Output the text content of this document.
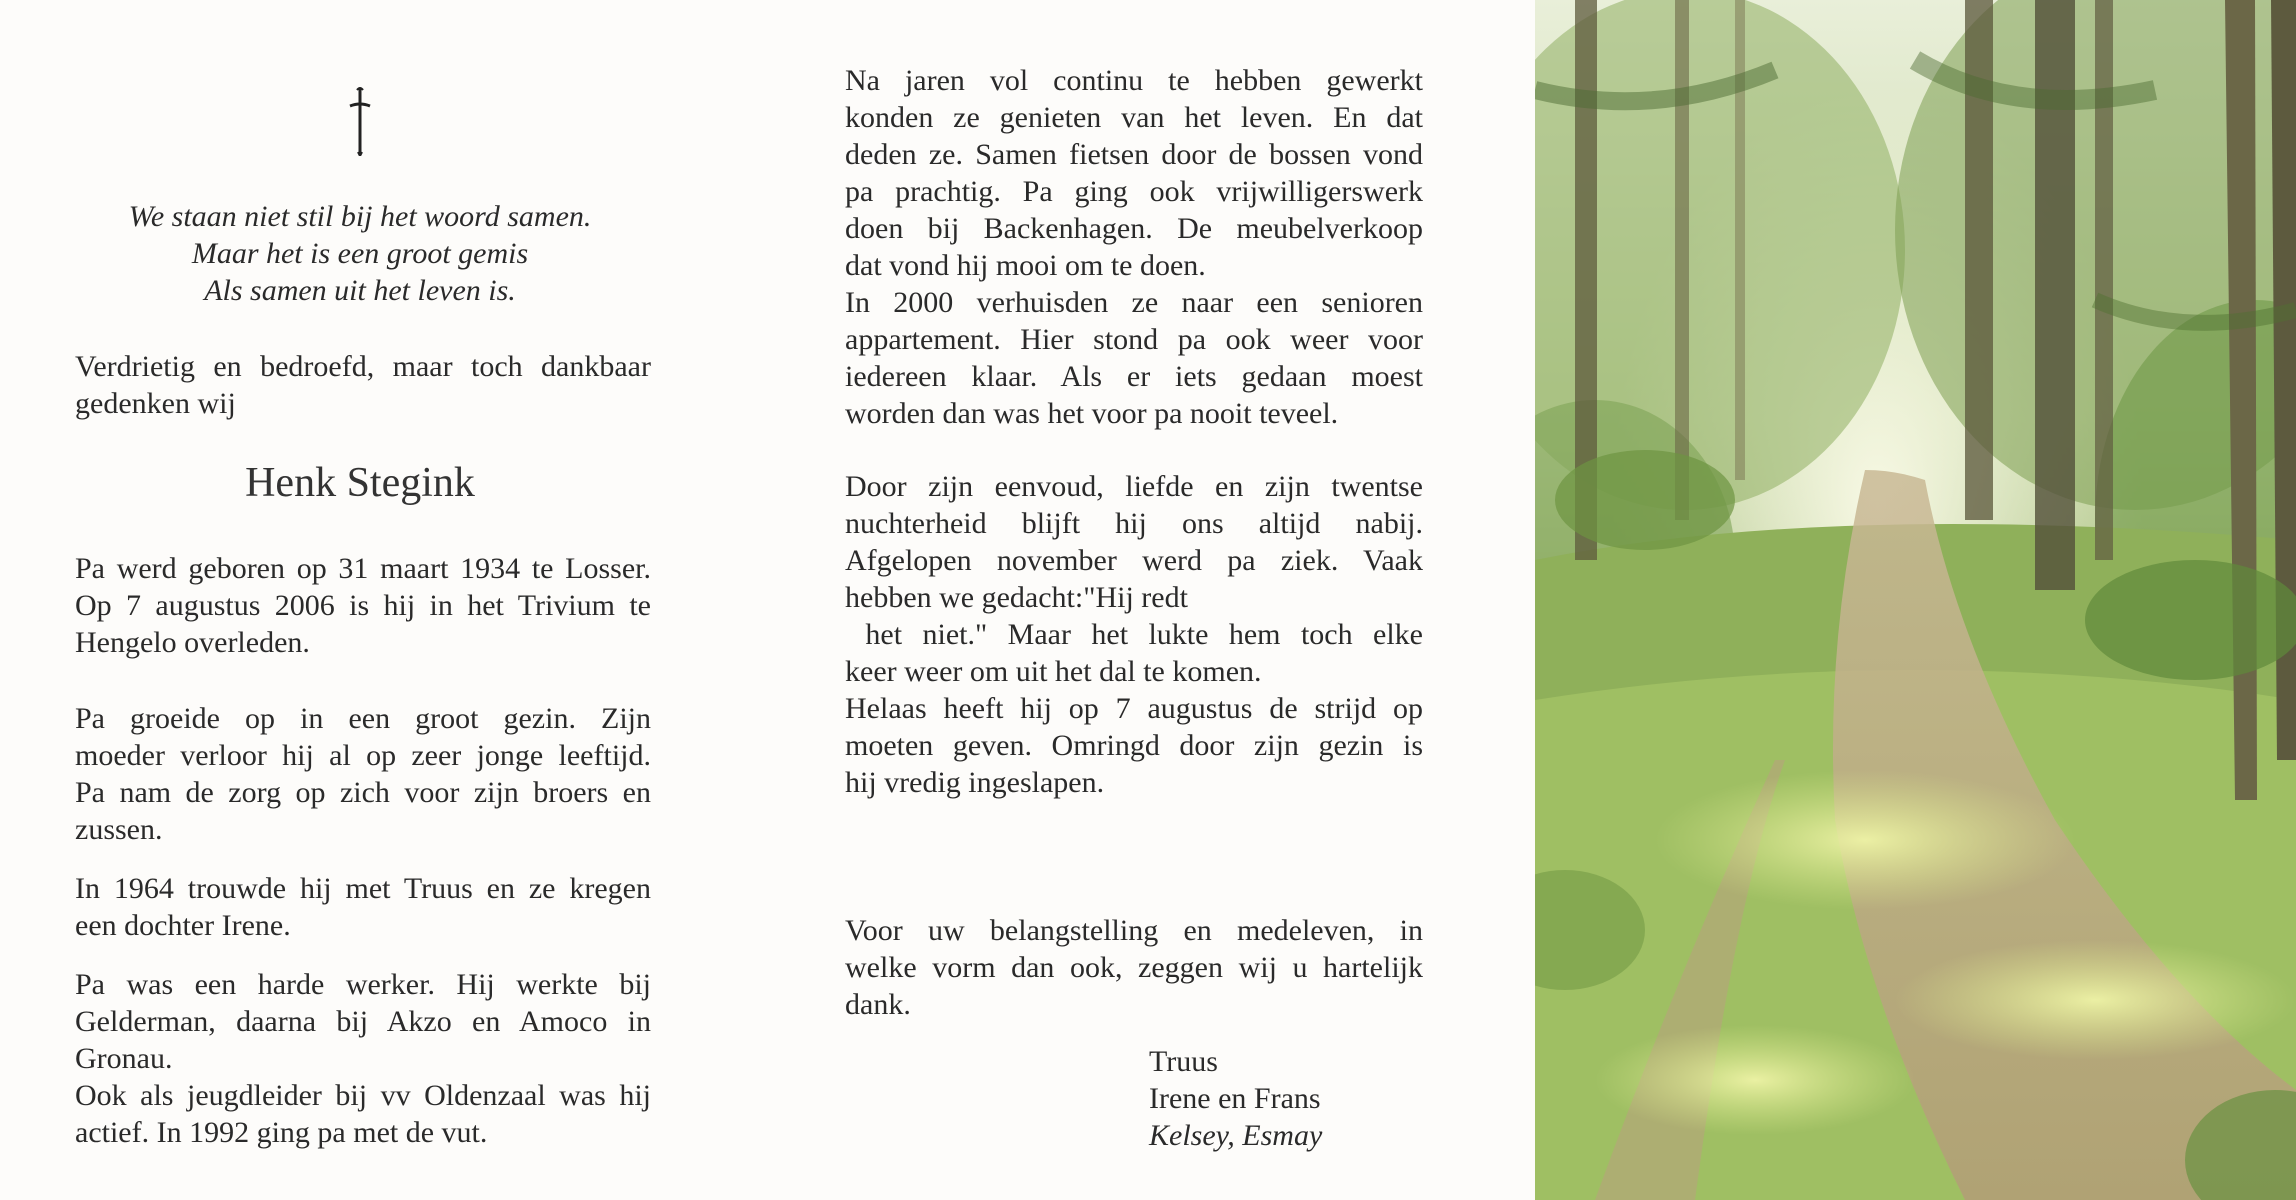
We staan niet stil bij het woord samen.
Maar het is een groot gemis
Als samen uit het leven is.
Verdrietig en bedroefd, maar toch dankbaar
gedenken wij
Henk Stegink
Pa werd geboren op 31 maart 1934 te Losser.
Op 7 augustus 2006 is hij in het Trivium te
Hengelo overleden.
Pa groeide op in een groot gezin. Zijn
moeder verloor hij al op zeer jonge leeftijd.
Pa nam de zorg op zich voor zijn broers en
zussen.
In 1964 trouwde hij met Truus en ze kregen
een dochter Irene.
Pa was een harde werker. Hij werkte bij
Gelderman, daarna bij Akzo en Amoco in
Gronau.
Ook als jeugdleider bij vv Oldenzaal was hij
actief. In 1992 ging pa met de vut.
Na jaren vol continu te hebben gewerkt
konden ze genieten van het leven. En dat
deden ze. Samen fietsen door de bossen vond
pa prachtig. Pa ging ook vrijwilligerswerk
doen bij Backenhagen. De meubelverkoop
dat vond hij mooi om te doen.
In 2000 verhuisden ze naar een senioren
appartement. Hier stond pa ook weer voor
iedereen klaar. Als er iets gedaan moest
worden dan was het voor pa nooit teveel.
Door zijn eenvoud, liefde en zijn twentse
nuchterheid blijft hij ons altijd nabij.
Afgelopen november werd pa ziek. Vaak
hebben we gedacht:"Hij redt
het niet." Maar het lukte hem toch elke
keer weer om uit het dal te komen.
Helaas heeft hij op 7 augustus de strijd op
moeten geven. Omringd door zijn gezin is
hij vredig ingeslapen.
Voor uw belangstelling en medeleven, in
welke vorm dan ook, zeggen wij u hartelijk
dank.
Truus
Irene en Frans
Kelsey, Esmay
